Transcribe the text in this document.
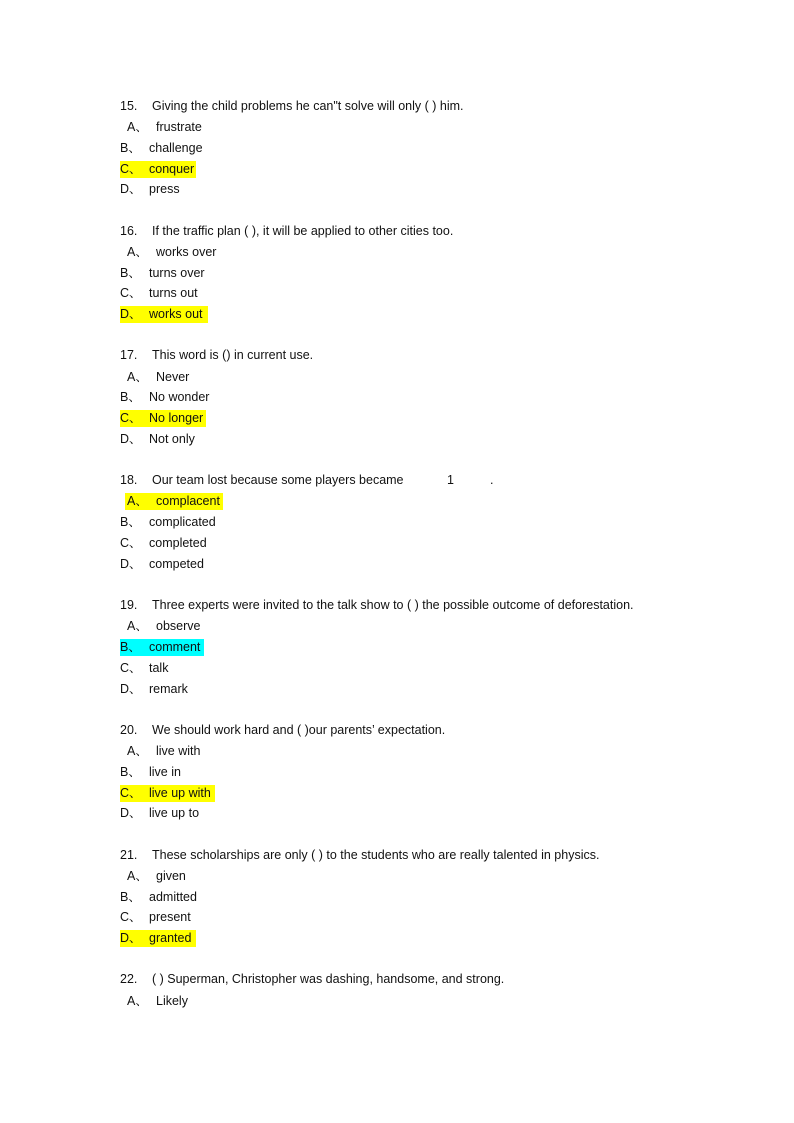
15. Giving the child problems he can"t solve will only ( ) him.
A、 frustrate
B、 challenge
C、 conquer
D、 press
16. If the traffic plan ( ), it will be applied to other cities too.
A、 works over
B、 turns over
C、 turns out
D、 works out
17. This word is () in current use.
A、 Never
B、 No wonder
C、 No longer
D、 Not only
18. Our team lost because some players became	1	.
A、 complacent
B、 complicated
C、 completed
D、 competed
19. Three experts were invited to the talk show to ( ) the possible outcome of deforestation.
A、 observe
B、 comment
C、 talk
D、 remark
20. We should work hard and ( )our parents’ expectation.
A、 live with
B、 live in
C、 live up with
D、 live up to
21. These scholarships are only ( ) to the students who are really talented in physics.
A、 given
B、 admitted
C、 present
D、 granted
22. ( ) Superman, Christopher was dashing, handsome, and strong.
A、 Likely
